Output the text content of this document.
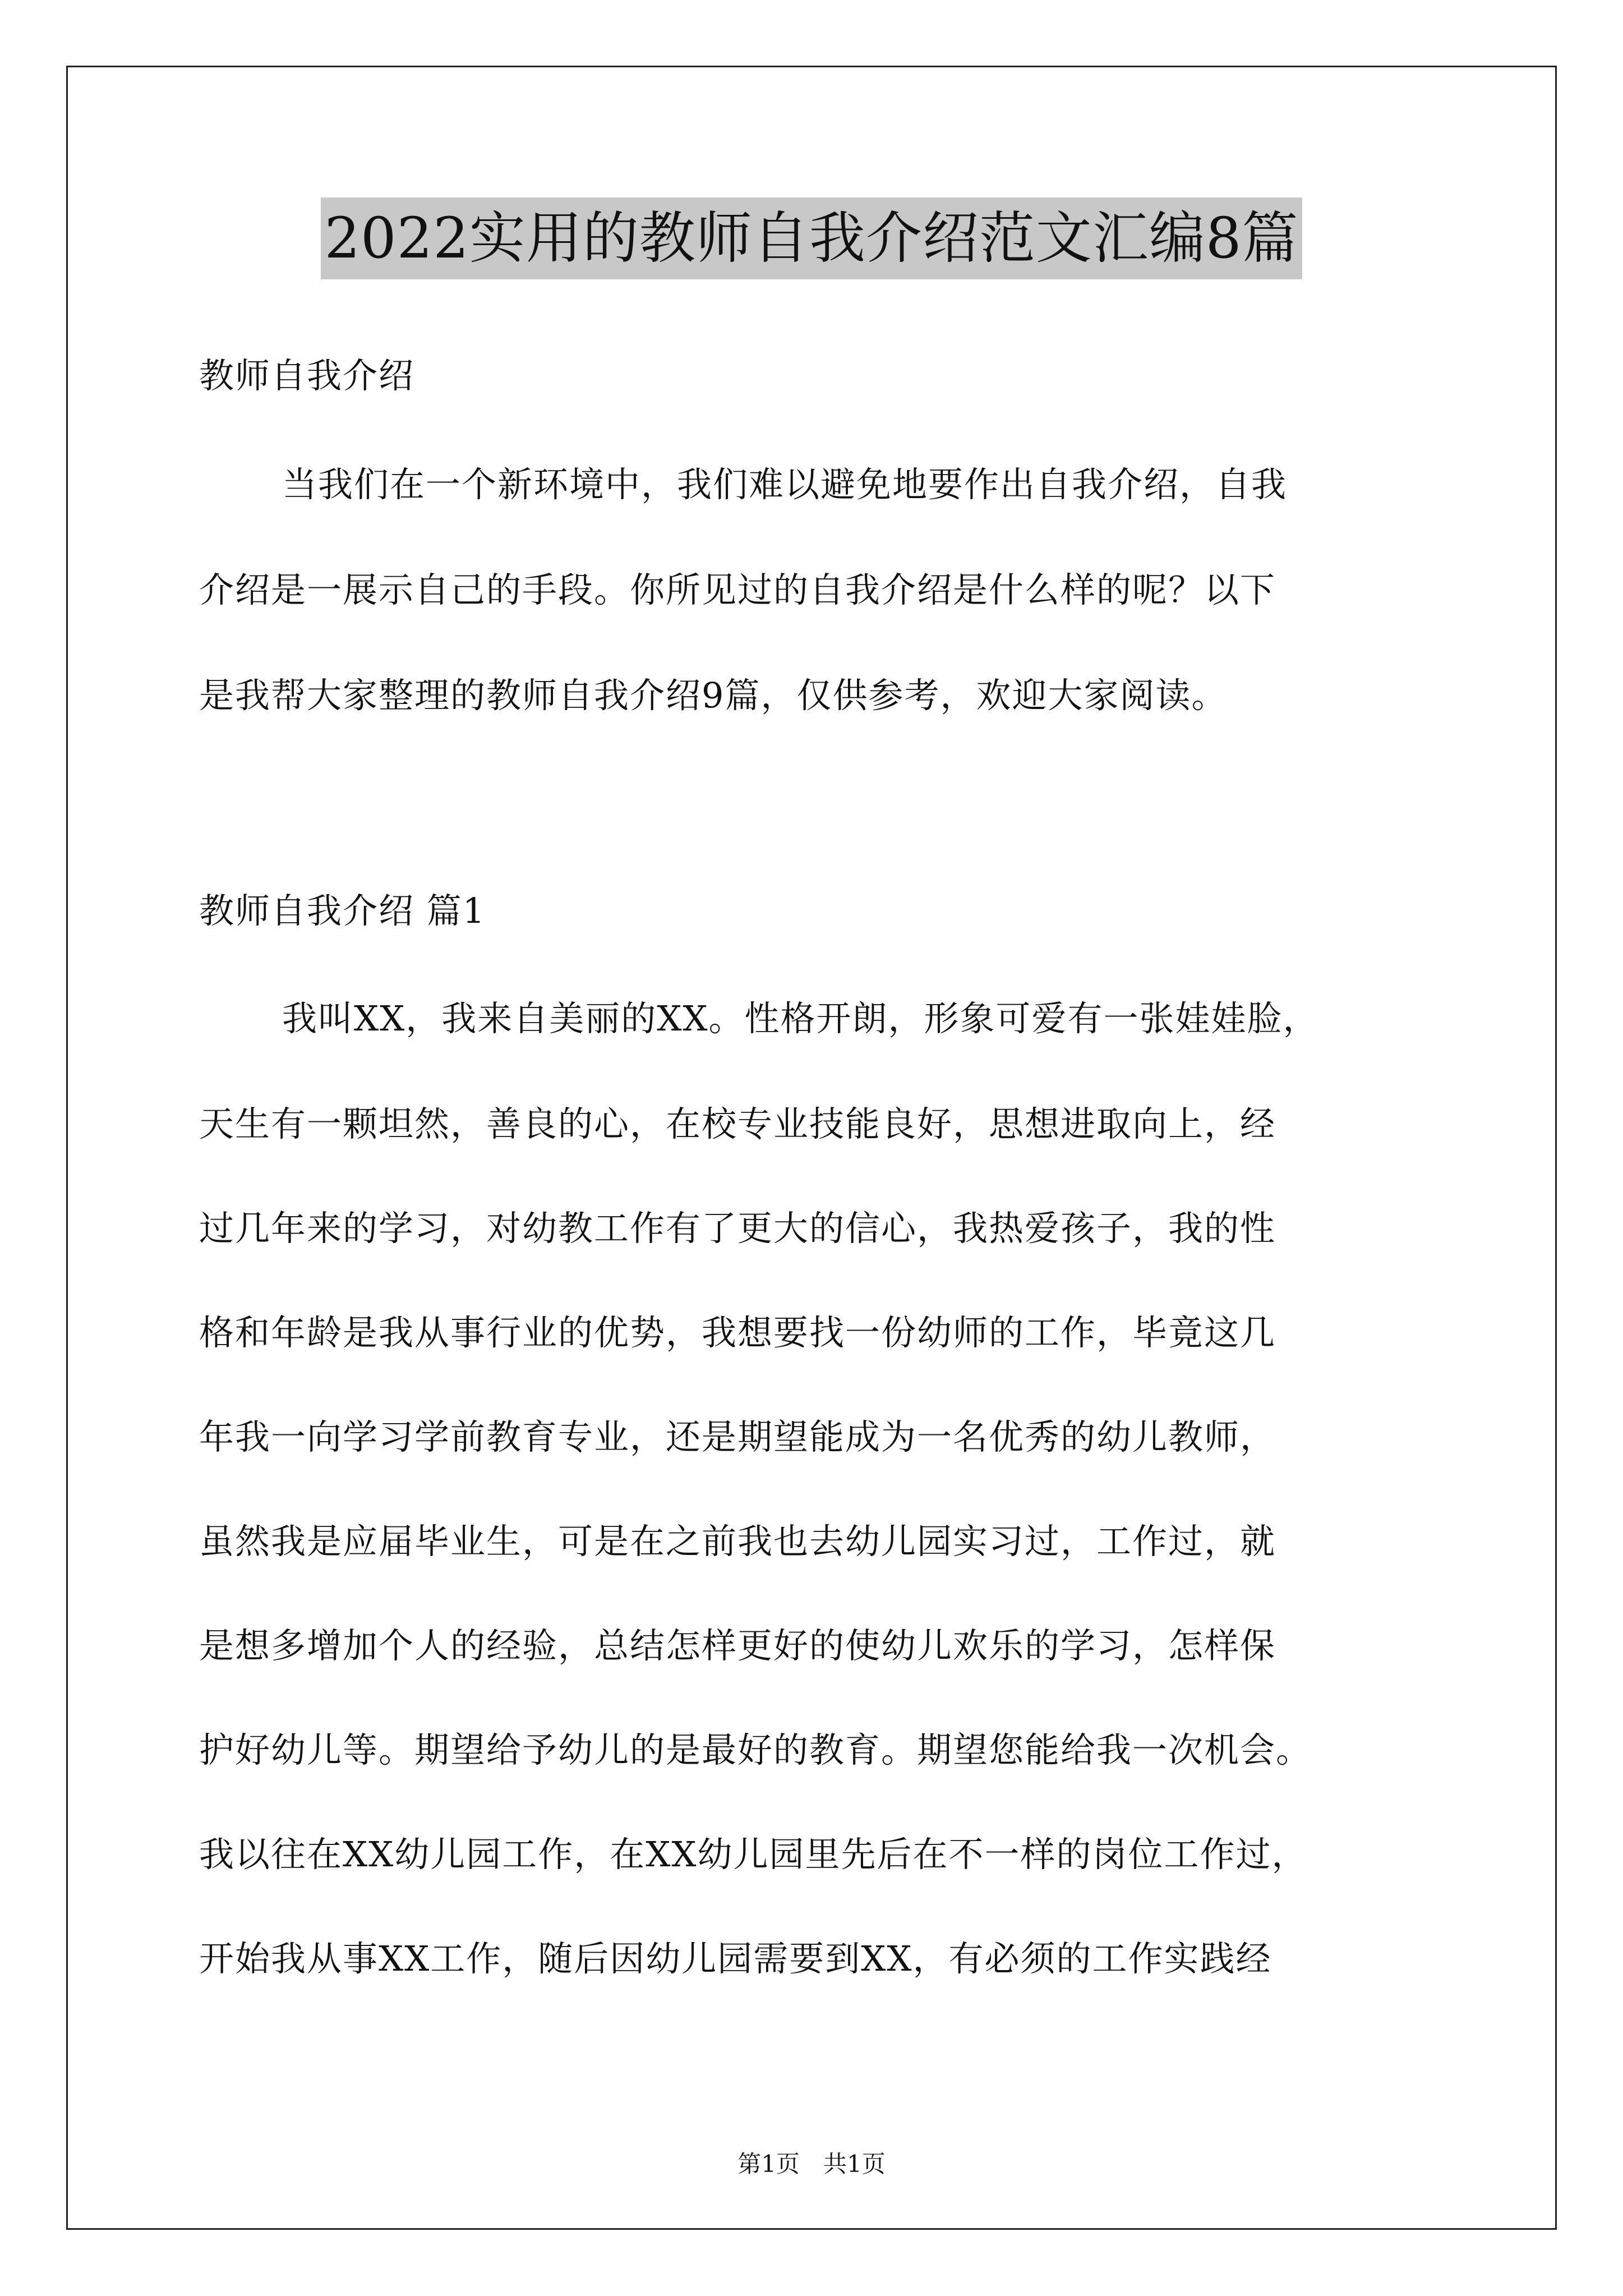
2022实用的教师自我介绍范文汇编8篇
教师自我介绍
当我们在一个新环境中，我们难以避免地要作出自我介绍，自我
介绍是一展示自己的手段。你所见过的自我介绍是什么样的呢？以下
是我帮大家整理的教师自我介绍9篇，仅供参考，欢迎大家阅读。
教师自我介绍 篇1
我叫XX，我来自美丽的XX。性格开朗，形象可爱有一张娃娃脸，
天生有一颗坦然，善良的心，在校专业技能良好，思想进取向上，经
过几年来的学习，对幼教工作有了更大的信心，我热爱孩子，我的性
格和年龄是我从事行业的优势，我想要找一份幼师的工作，毕竟这几
年我一向学习学前教育专业，还是期望能成为一名优秀的幼儿教师，
虽然我是应届毕业生，可是在之前我也去幼儿园实习过，工作过，就
是想多增加个人的经验，总结怎样更好的使幼儿欢乐的学习，怎样保
护好幼儿等。期望给予幼儿的是最好的教育。期望您能给我一次机会。
我以往在XX幼儿园工作，在XX幼儿园里先后在不一样的岗位工作过，
开始我从事XX工作，随后因幼儿园需要到XX，有必须的工作实践经
第1页　共1页
